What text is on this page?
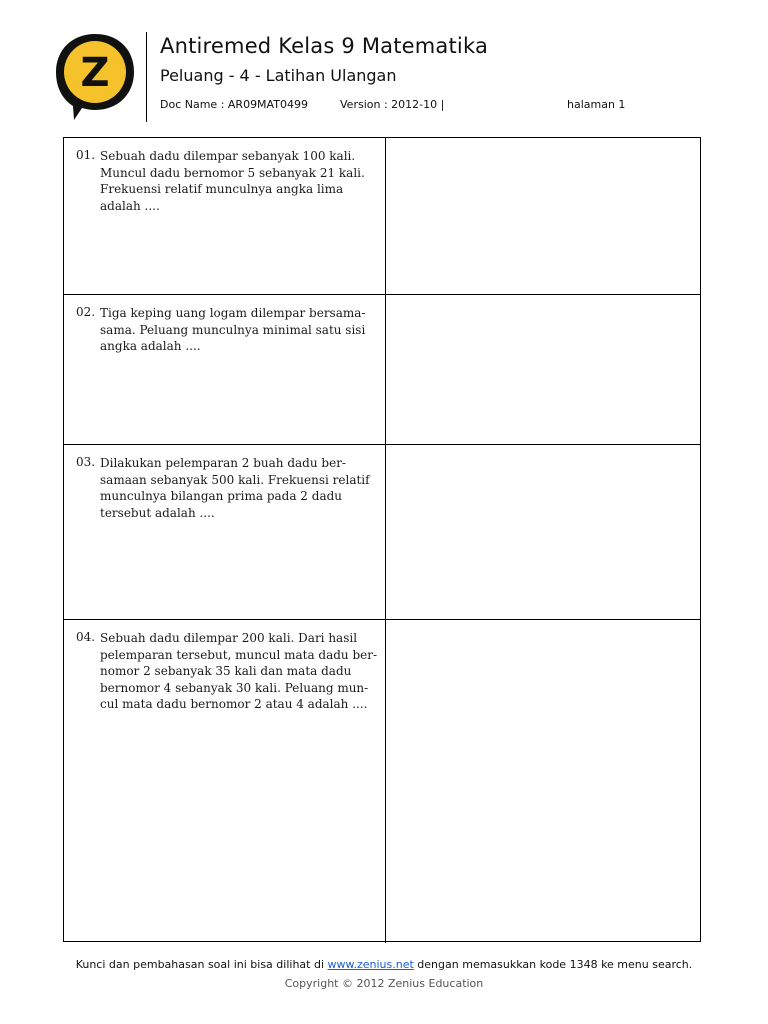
Z
Antiremed Kelas 9 Matematika
Peluang - 4 - Latihan Ulangan
Doc Name : AR09MAT0499	Version : 2012-10 |	halaman 1
01. Sebuah dadu dilempar sebanyak 100 kali.
Muncul dadu bernomor 5 sebanyak 21 kali.
Frekuensi relatif munculnya angka lima
adalah ....
02. Tiga keping uang logam dilempar bersama-
sama. Peluang munculnya minimal satu sisi
angka adalah ....
03. Dilakukan pelemparan 2 buah dadu ber-
samaan sebanyak 500 kali. Frekuensi relatif
munculnya bilangan prima pada 2 dadu
tersebut adalah ....
04. Sebuah dadu dilempar 200 kali. Dari hasil
pelemparan tersebut, muncul mata dadu ber-
nomor 2 sebanyak 35 kali dan mata dadu
bernomor 4 sebanyak 30 kali. Peluang mun-
cul mata dadu bernomor 2 atau 4 adalah ....
Kunci dan pembahasan soal ini bisa dilihat di www.zenius.net dengan memasukkan kode 1348 ke menu search.
Copyright © 2012 Zenius Education
